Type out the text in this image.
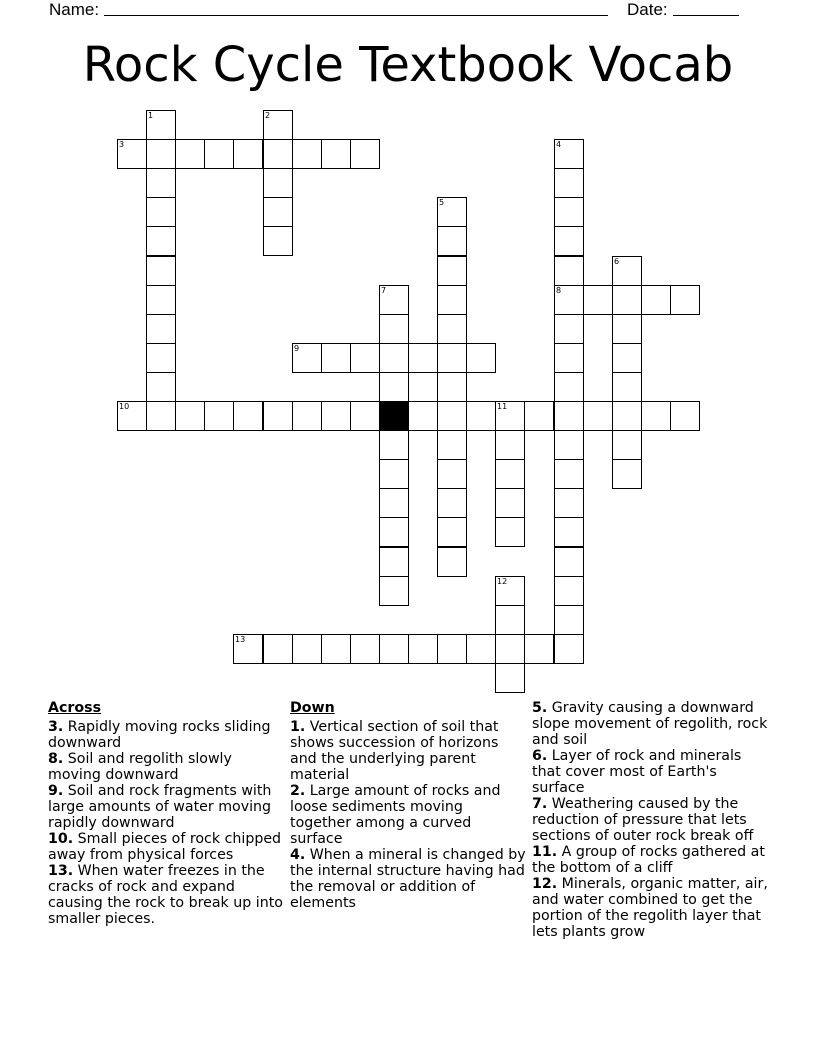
Name:	Date:
Rock Cycle Textbook Vocab
1	2
3	4
8
5
6
7
9
10	11
12
13
Across
3. Rapidly moving rocks sliding downward
8. Soil and regolith slowly moving downward
9. Soil and rock fragments with large amounts of water moving rapidly downward
10. Small pieces of rock chipped away from physical forces
13. When water freezes in the cracks of rock and expand causing the rock to break up into smaller pieces.
Down
1. Vertical section of soil that shows succession of horizons and the underlying parent material
2. Large amount of rocks and loose sediments moving together among a curved surface
4. When a mineral is changed by the internal structure having had the removal or addition of elements
5. Gravity causing a downward slope movement of regolith, rock and soil
6. Layer of rock and minerals that cover most of Earth's surface
7. Weathering caused by the reduction of pressure that lets sections of outer rock break off
11. A group of rocks gathered at the bottom of a cliff
12. Minerals, organic matter, air, and water combined to get the portion of the regolith layer that lets plants grow
